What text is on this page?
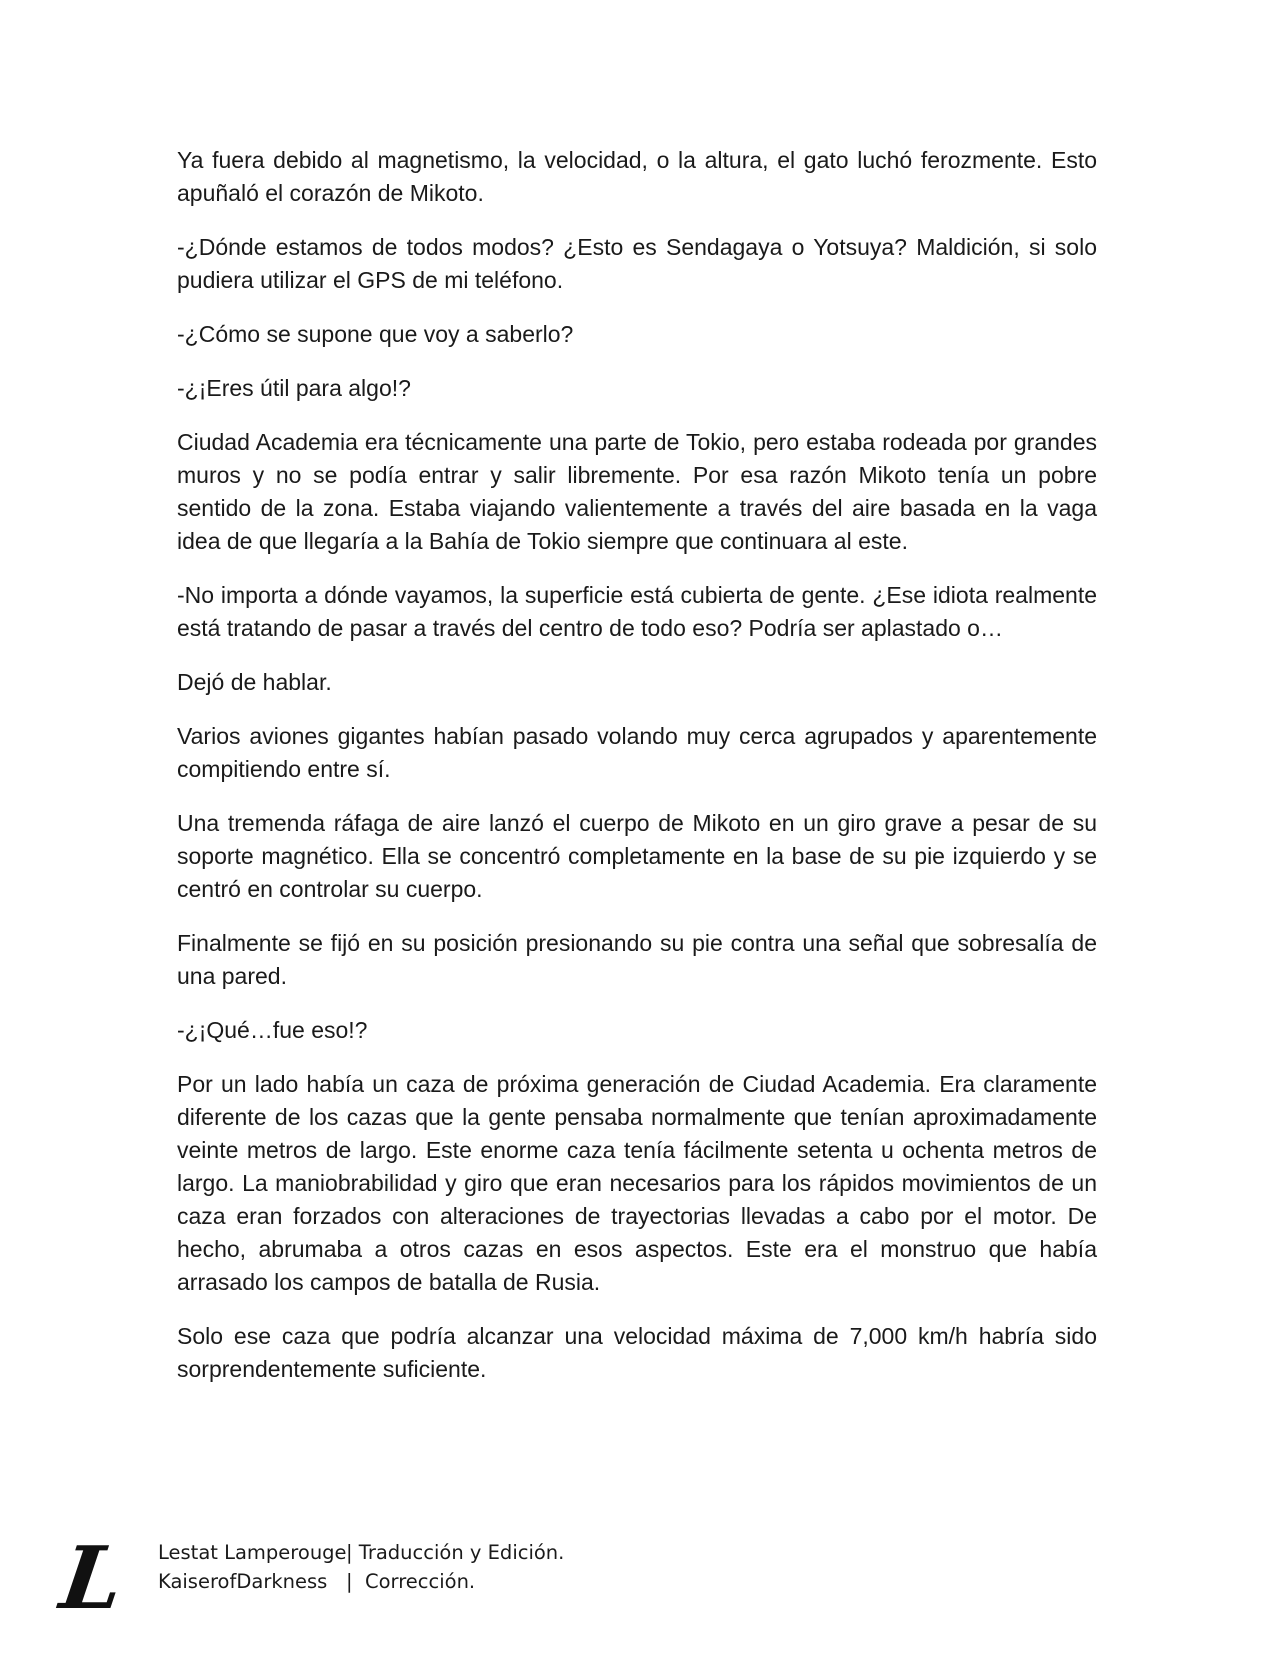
Ya fuera debido al magnetismo, la velocidad, o la altura, el gato luchó ferozmente. Esto apuñaló el corazón de Mikoto.

-¿Dónde estamos de todos modos? ¿Esto es Sendagaya o Yotsuya? Maldición, si solo pudiera utilizar el GPS de mi teléfono.

-¿Cómo se supone que voy a saberlo?

-¿¡Eres útil para algo!?

Ciudad Academia era técnicamente una parte de Tokio, pero estaba rodeada por grandes muros y no se podía entrar y salir libremente. Por esa razón Mikoto tenía un pobre sentido de la zona. Estaba viajando valientemente a través del aire basada en la vaga idea de que llegaría a la Bahía de Tokio siempre que continuara al este.

-No importa a dónde vayamos, la superficie está cubierta de gente. ¿Ese idiota realmente está tratando de pasar a través del centro de todo eso? Podría ser aplastado o…

Dejó de hablar.

Varios aviones gigantes habían pasado volando muy cerca agrupados y aparentemente compitiendo entre sí.

Una tremenda ráfaga de aire lanzó el cuerpo de Mikoto en un giro grave a pesar de su soporte magnético. Ella se concentró completamente en la base de su pie izquierdo y se centró en controlar su cuerpo.

Finalmente se fijó en su posición presionando su pie contra una señal que sobresalía de una pared.

-¿¡Qué…fue eso!?

Por un lado había un caza de próxima generación de Ciudad Academia. Era claramente diferente de los cazas que la gente pensaba normalmente que tenían aproximadamente veinte metros de largo. Este enorme caza tenía fácilmente setenta u ochenta metros de largo. La maniobrabilidad y giro que eran necesarios para los rápidos movimientos de un caza eran forzados con alteraciones de trayectorias llevadas a cabo por el motor. De hecho, abrumaba a otros cazas en esos aspectos. Este era el monstruo que había arrasado los campos de batalla de Rusia.

Solo ese caza que podría alcanzar una velocidad máxima de 7,000 km/h habría sido sorprendentemente suficiente.

L	Lestat Lamperouge | Traducción y Edición.
KaiserofDarkness | Corrección.
